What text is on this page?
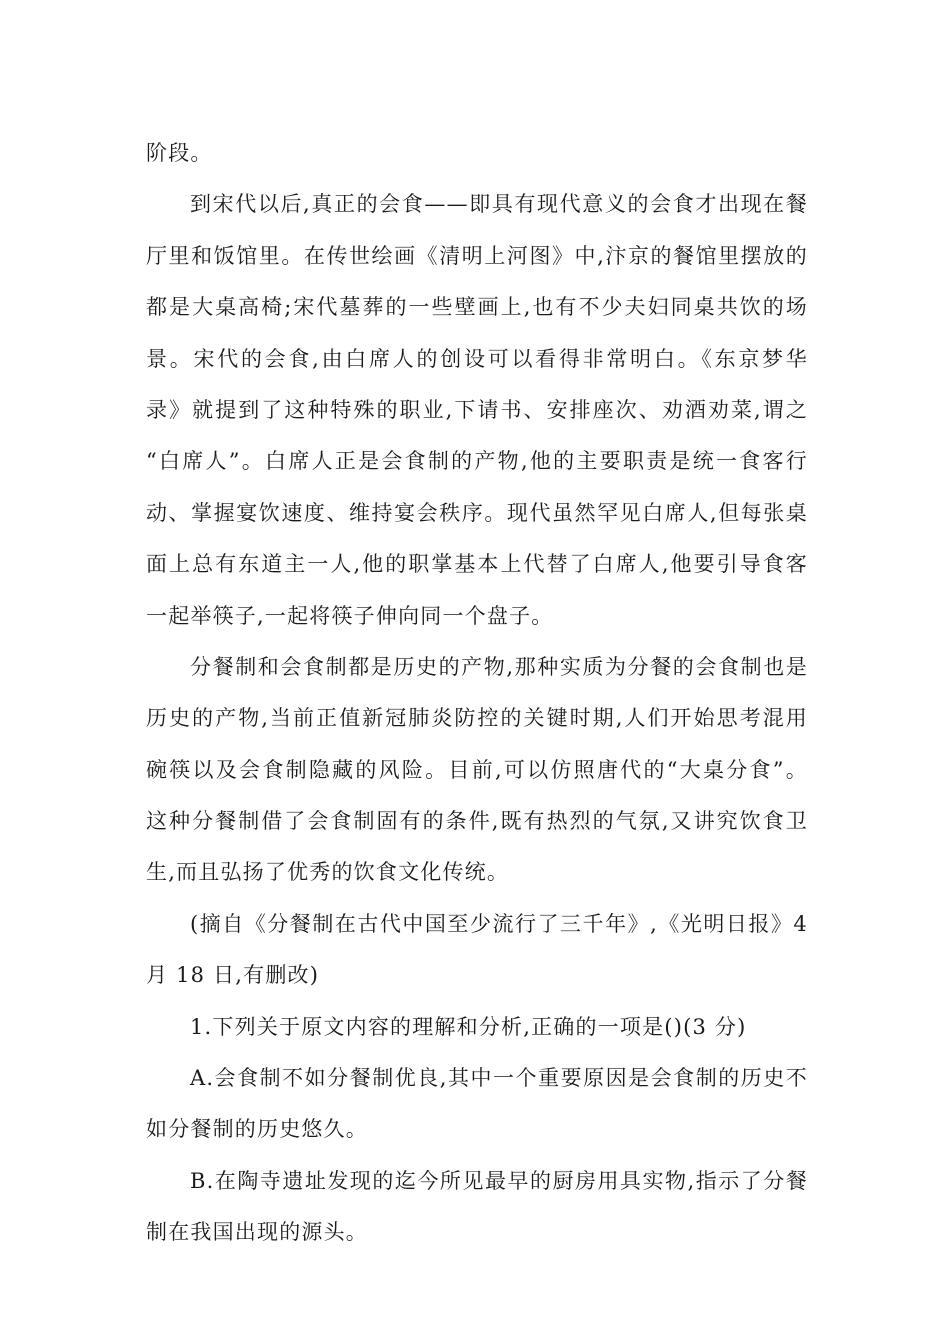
阶段。
到宋代以后,真正的会食——即具有现代意义的会食才出现在餐
厅里和饭馆里。在传世绘画《清明上河图》中,汴京的餐馆里摆放的
都是大桌高椅;宋代墓葬的一些壁画上,也有不少夫妇同桌共饮的场
景。宋代的会食,由白席人的创设可以看得非常明白。《东京梦华
录》就提到了这种特殊的职业,下请书、安排座次、劝酒劝菜,谓之
“白席人”。白席人正是会食制的产物,他的主要职责是统一食客行
动、掌握宴饮速度、维持宴会秩序。现代虽然罕见白席人,但每张桌
面上总有东道主一人,他的职掌基本上代替了白席人,他要引导食客
一起举筷子,一起将筷子伸向同一个盘子。
分餐制和会食制都是历史的产物,那种实质为分餐的会食制也是
历史的产物,当前正值新冠肺炎防控的关键时期,人们开始思考混用
碗筷以及会食制隐藏的风险。目前,可以仿照唐代的“大桌分食”。
这种分餐制借了会食制固有的条件,既有热烈的气氛,又讲究饮食卫
生,而且弘扬了优秀的饮食文化传统。
(摘自《分餐制在古代中国至少流行了三千年》,《光明日报》4
月 18 日,有删改)
1.下列关于原文内容的理解和分析,正确的一项是()(3 分)
A.会食制不如分餐制优良,其中一个重要原因是会食制的历史不
如分餐制的历史悠久。
B.在陶寺遗址发现的迄今所见最早的厨房用具实物,指示了分餐
制在我国出现的源头。
